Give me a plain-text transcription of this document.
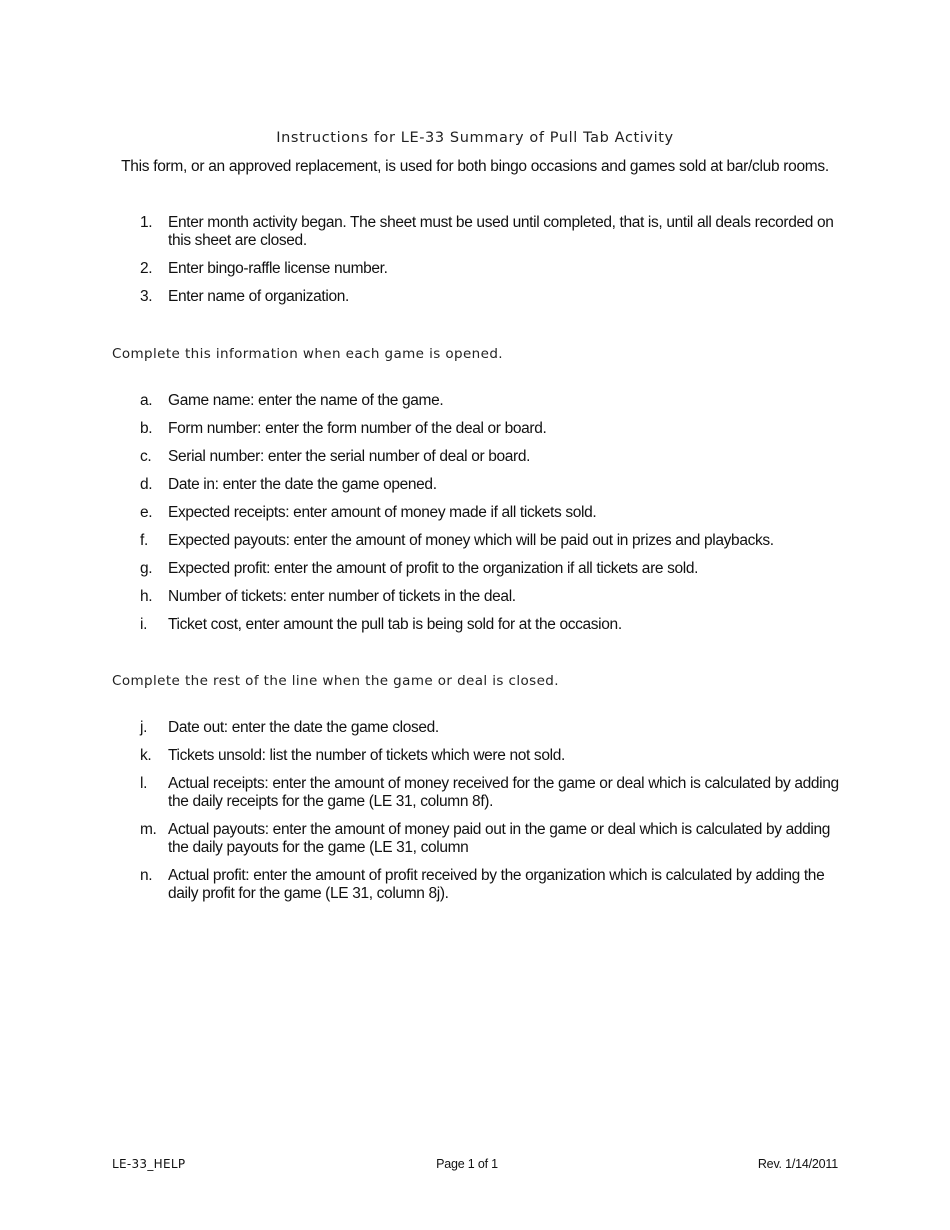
Instructions for LE-33 Summary of Pull Tab Activity
This form, or an approved replacement, is used for both bingo occasions and games sold at bar/club rooms.
1. Enter month activity began. The sheet must be used until completed, that is, until all deals recorded on this sheet are closed.
2. Enter bingo-raffle license number.
3. Enter name of organization.
Complete this information when each game is opened.
a. Game name: enter the name of the game.
b. Form number: enter the form number of the deal or board.
c. Serial number: enter the serial number of deal or board.
d. Date in: enter the date the game opened.
e. Expected receipts: enter amount of money made if all tickets sold.
f. Expected payouts: enter the amount of money which will be paid out in prizes and playbacks.
g. Expected profit: enter the amount of profit to the organization if all tickets are sold.
h. Number of tickets: enter number of tickets in the deal.
i. Ticket cost, enter amount the pull tab is being sold for at the occasion.
Complete the rest of the line when the game or deal is closed.
j. Date out: enter the date the game closed.
k. Tickets unsold: list the number of tickets which were not sold.
l. Actual receipts: enter the amount of money received for the game or deal which is calculated by adding the daily receipts for the game (LE 31, column 8f).
m. Actual payouts: enter the amount of money paid out in the game or deal which is calculated by adding the daily payouts for the game (LE 31, column
n. Actual profit: enter the amount of profit received by the organization which is calculated by adding the daily profit for the game (LE 31, column 8j).
LE-33_HELP	Page 1 of 1	Rev. 1/14/2011
